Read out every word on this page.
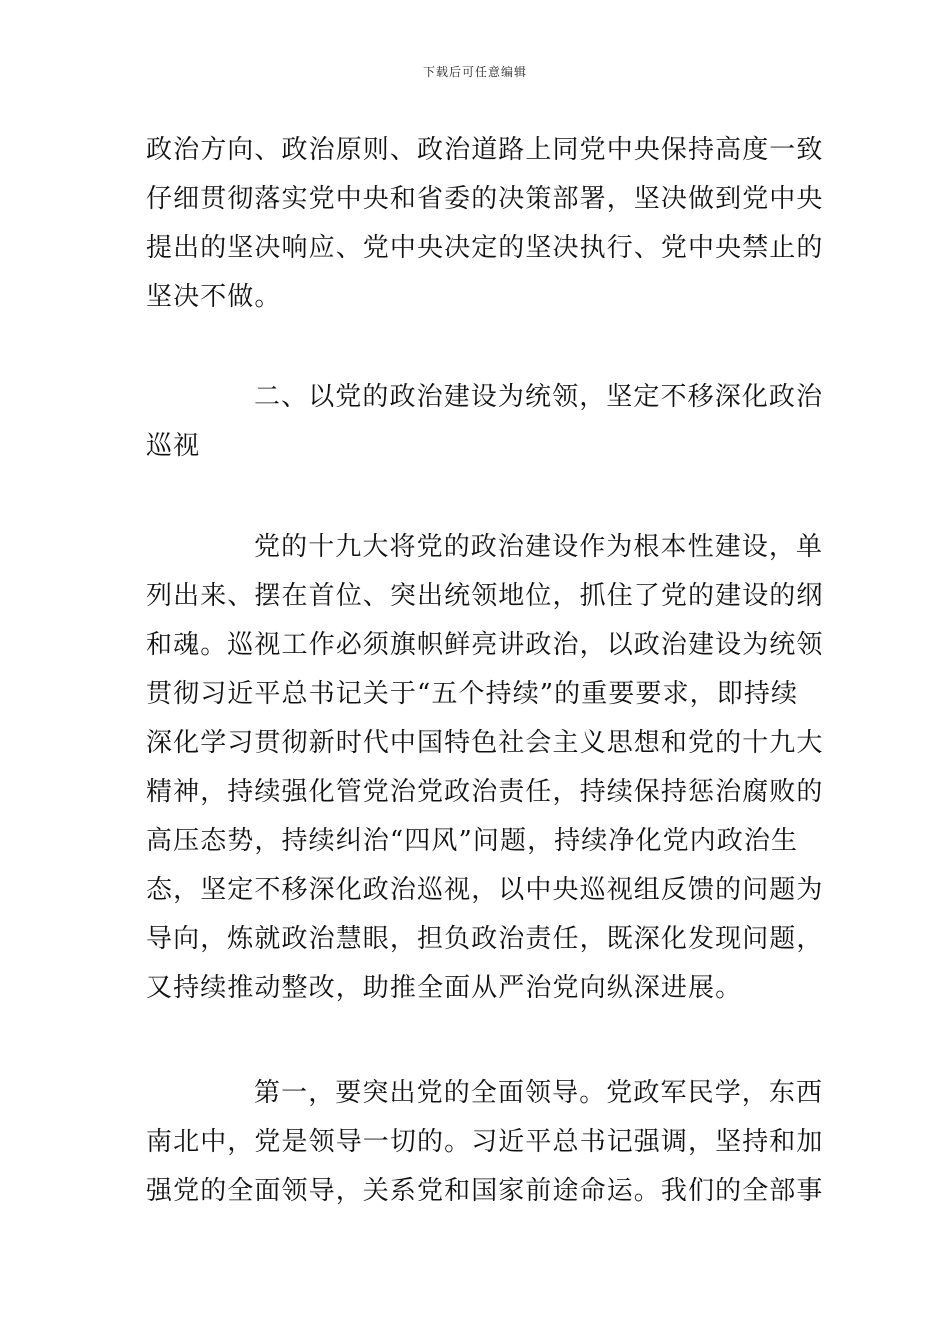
下载后可任意编辑
政治方向、政治原则、政治道路上同党中央保持高度一致
仔细贯彻落实党中央和省委的决策部署，坚决做到党中央
提出的坚决响应、党中央决定的坚决执行、党中央禁止的
坚决不做。
二、以党的政治建设为统领，坚定不移深化政治
巡视
党的十九大将党的政治建设作为根本性建设，单
列出来、摆在首位、突出统领地位，抓住了党的建设的纲
和魂。巡视工作必须旗帜鲜亮讲政治，以政治建设为统领
贯彻习近平总书记关于“五个持续”的重要要求，即持续
深化学习贯彻新时代中国特色社会主义思想和党的十九大
精神，持续强化管党治党政治责任，持续保持惩治腐败的
高压态势，持续纠治“四风”问题，持续净化党内政治生
态，坚定不移深化政治巡视，以中央巡视组反馈的问题为
导向，炼就政治慧眼，担负政治责任，既深化发现问题，
又持续推动整改，助推全面从严治党向纵深进展。
第一，要突出党的全面领导。党政军民学，东西
南北中，党是领导一切的。习近平总书记强调，坚持和加
强党的全面领导，关系党和国家前途命运。我们的全部事
